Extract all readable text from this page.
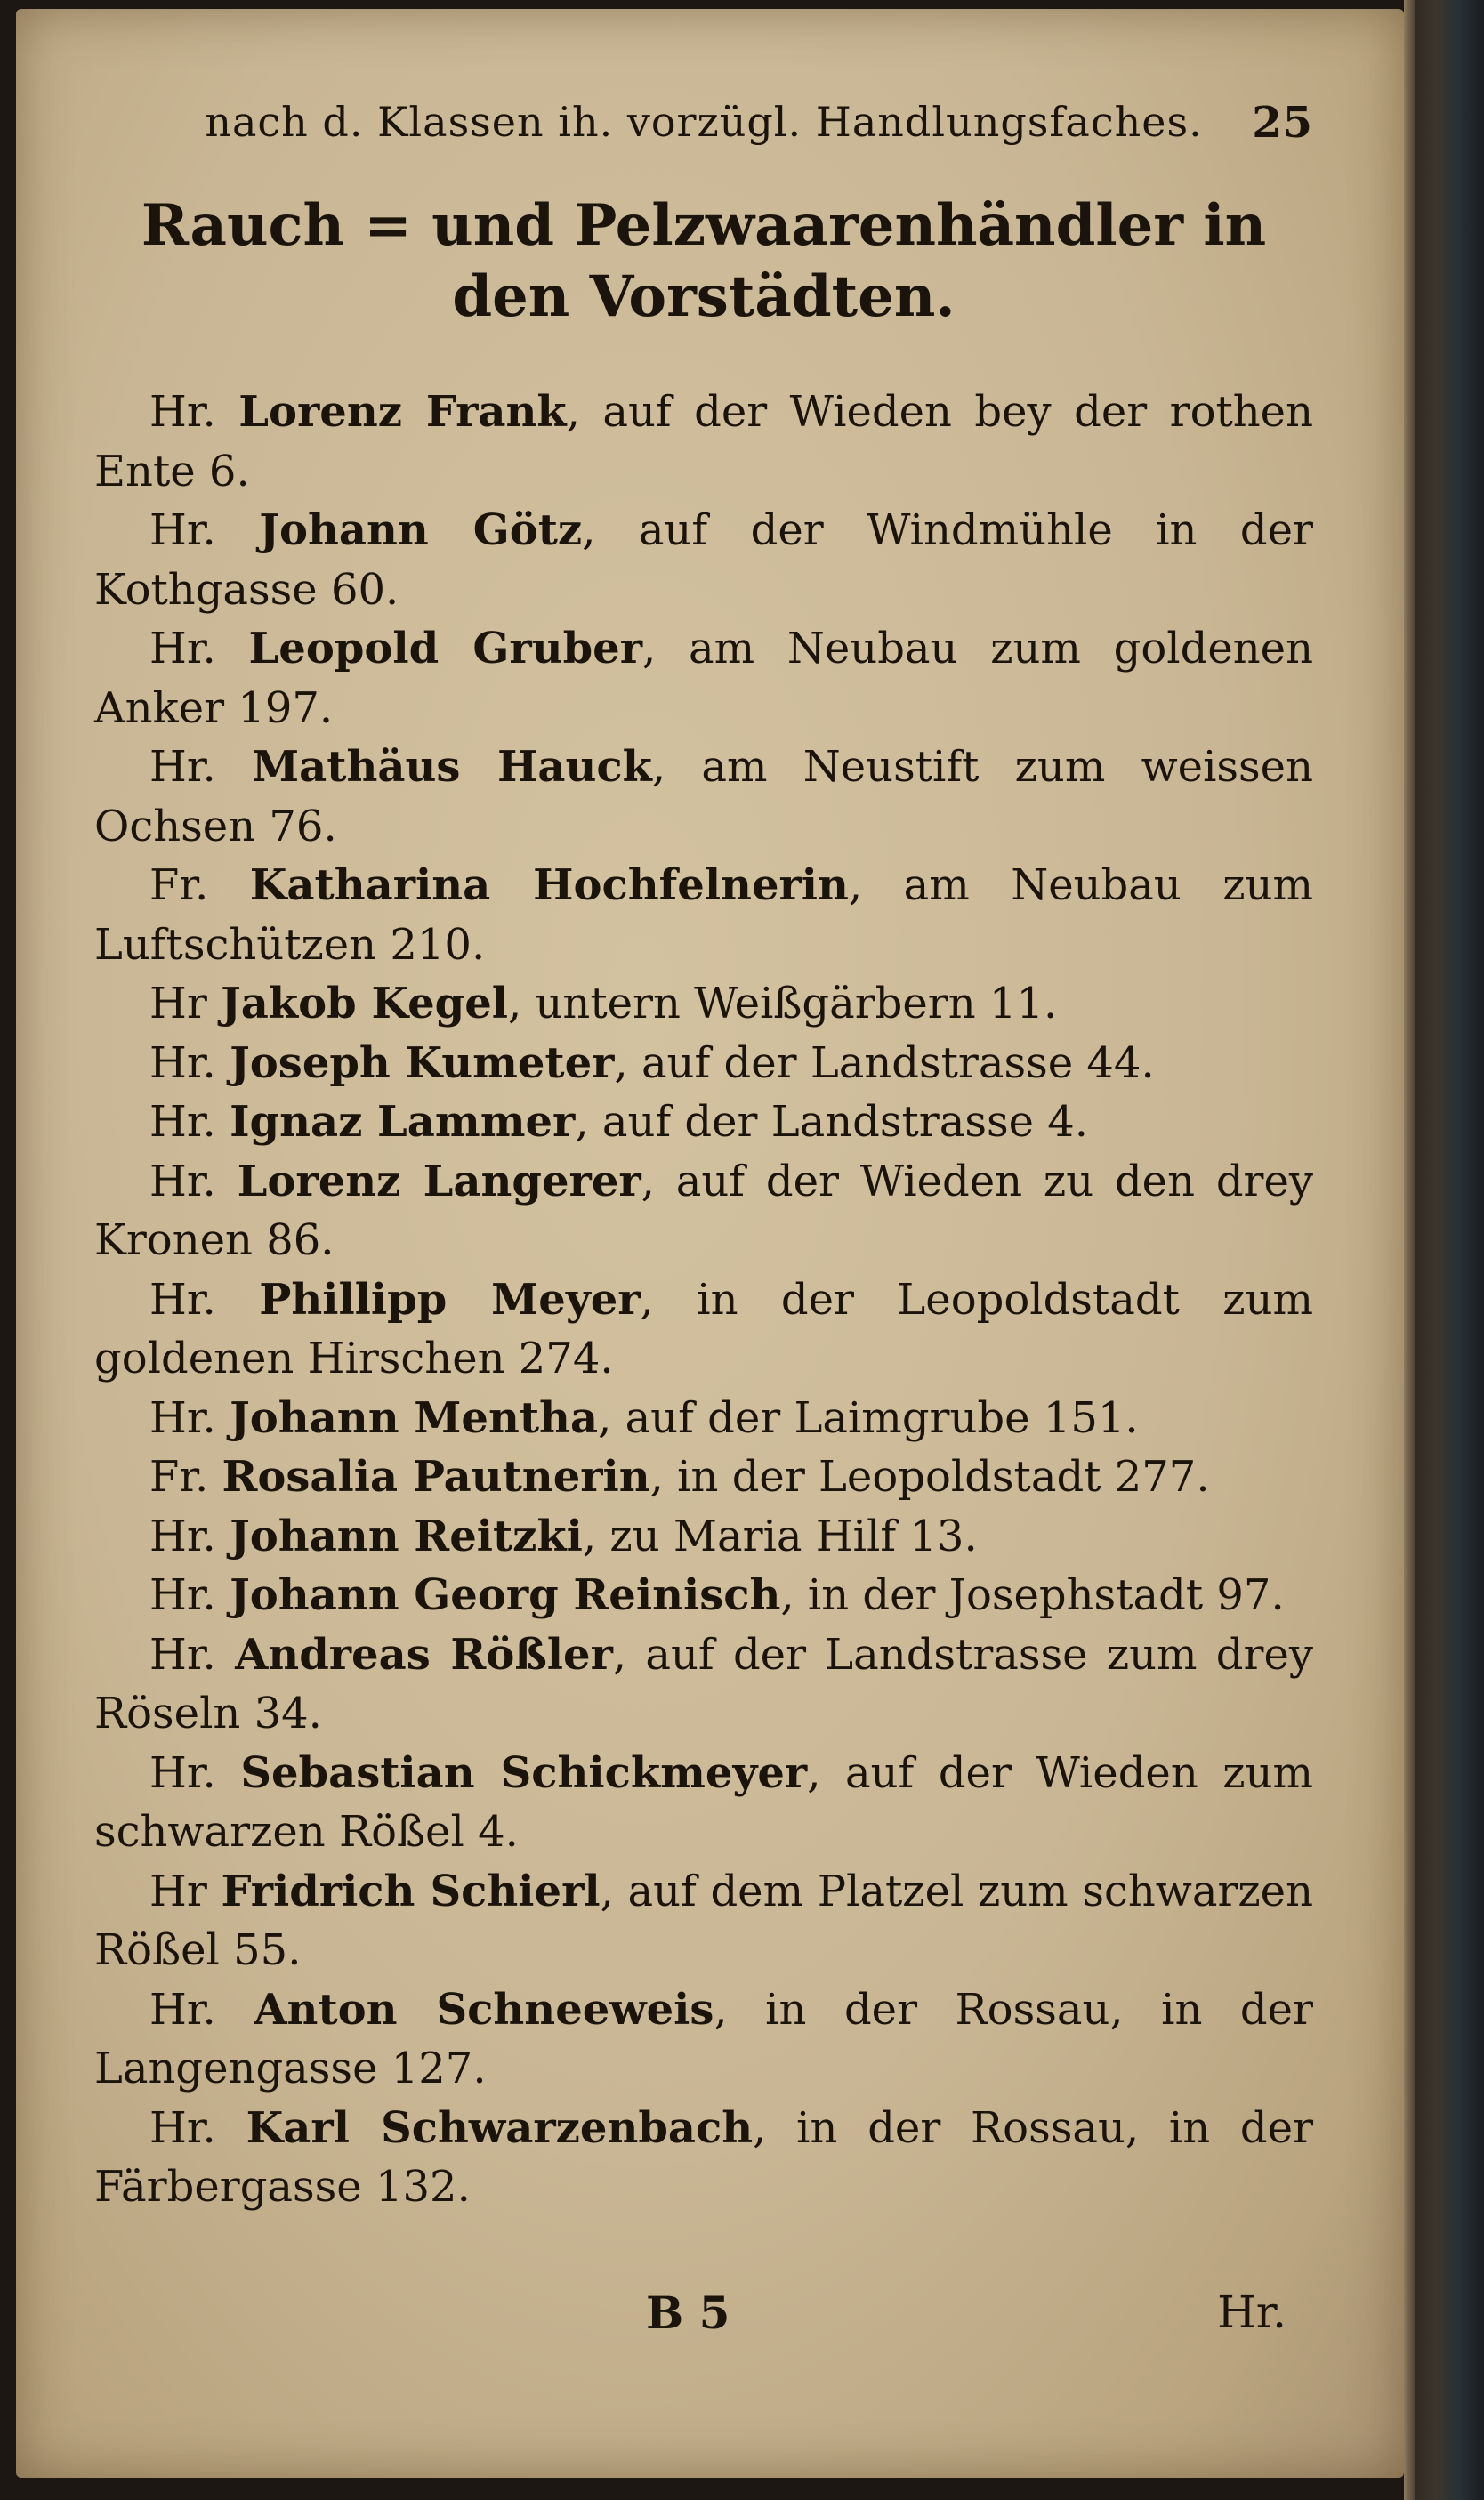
nach d. Klassen ih. vorzügl. Handlungsfaches. 25
Rauch = und Pelzwaarenhändler in den Vorstädten.
Hr. Lorenz Frank, auf der Wieden bey der rothen Ente 6.
Hr. Johann Götz, auf der Windmühle in der Kothgasse 60.
Hr. Leopold Gruber, am Neubau zum goldenen Anker 197.
Hr. Mathäus Hauck, am Neustift zum weissen Ochsen 76.
Fr. Katharina Hochfelnerin, am Neubau zum Luftschützen 210.
Hr Jakob Kegel, untern Weißgärbern 11.
Hr. Joseph Kumeter, auf der Landstrasse 44.
Hr. Ignaz Lammer, auf der Landstrasse 4.
Hr. Lorenz Langerer, auf der Wieden zu den drey Kronen 86.
Hr. Phillipp Meyer, in der Leopoldstadt zum goldenen Hirschen 274.
Hr. Johann Mentha, auf der Laimgrube 151.
Fr. Rosalia Pautnerin, in der Leopoldstadt 277.
Hr. Johann Reitzki, zu Maria Hilf 13.
Hr. Johann Georg Reinisch, in der Josephstadt 97.
Hr. Andreas Rößler, auf der Landstrasse zum drey Röseln 34.
Hr. Sebastian Schickmeyer, auf der Wieden zum schwarzen Rößel 4.
Hr Fridrich Schierl, auf dem Platzel zum schwarzen Rößel 55.
Hr. Anton Schneeweis, in der Rossau, in der Langengasse 127.
Hr. Karl Schwarzenbach, in der Rossau, in der Färbergasse 132.
B 5	Hr.
